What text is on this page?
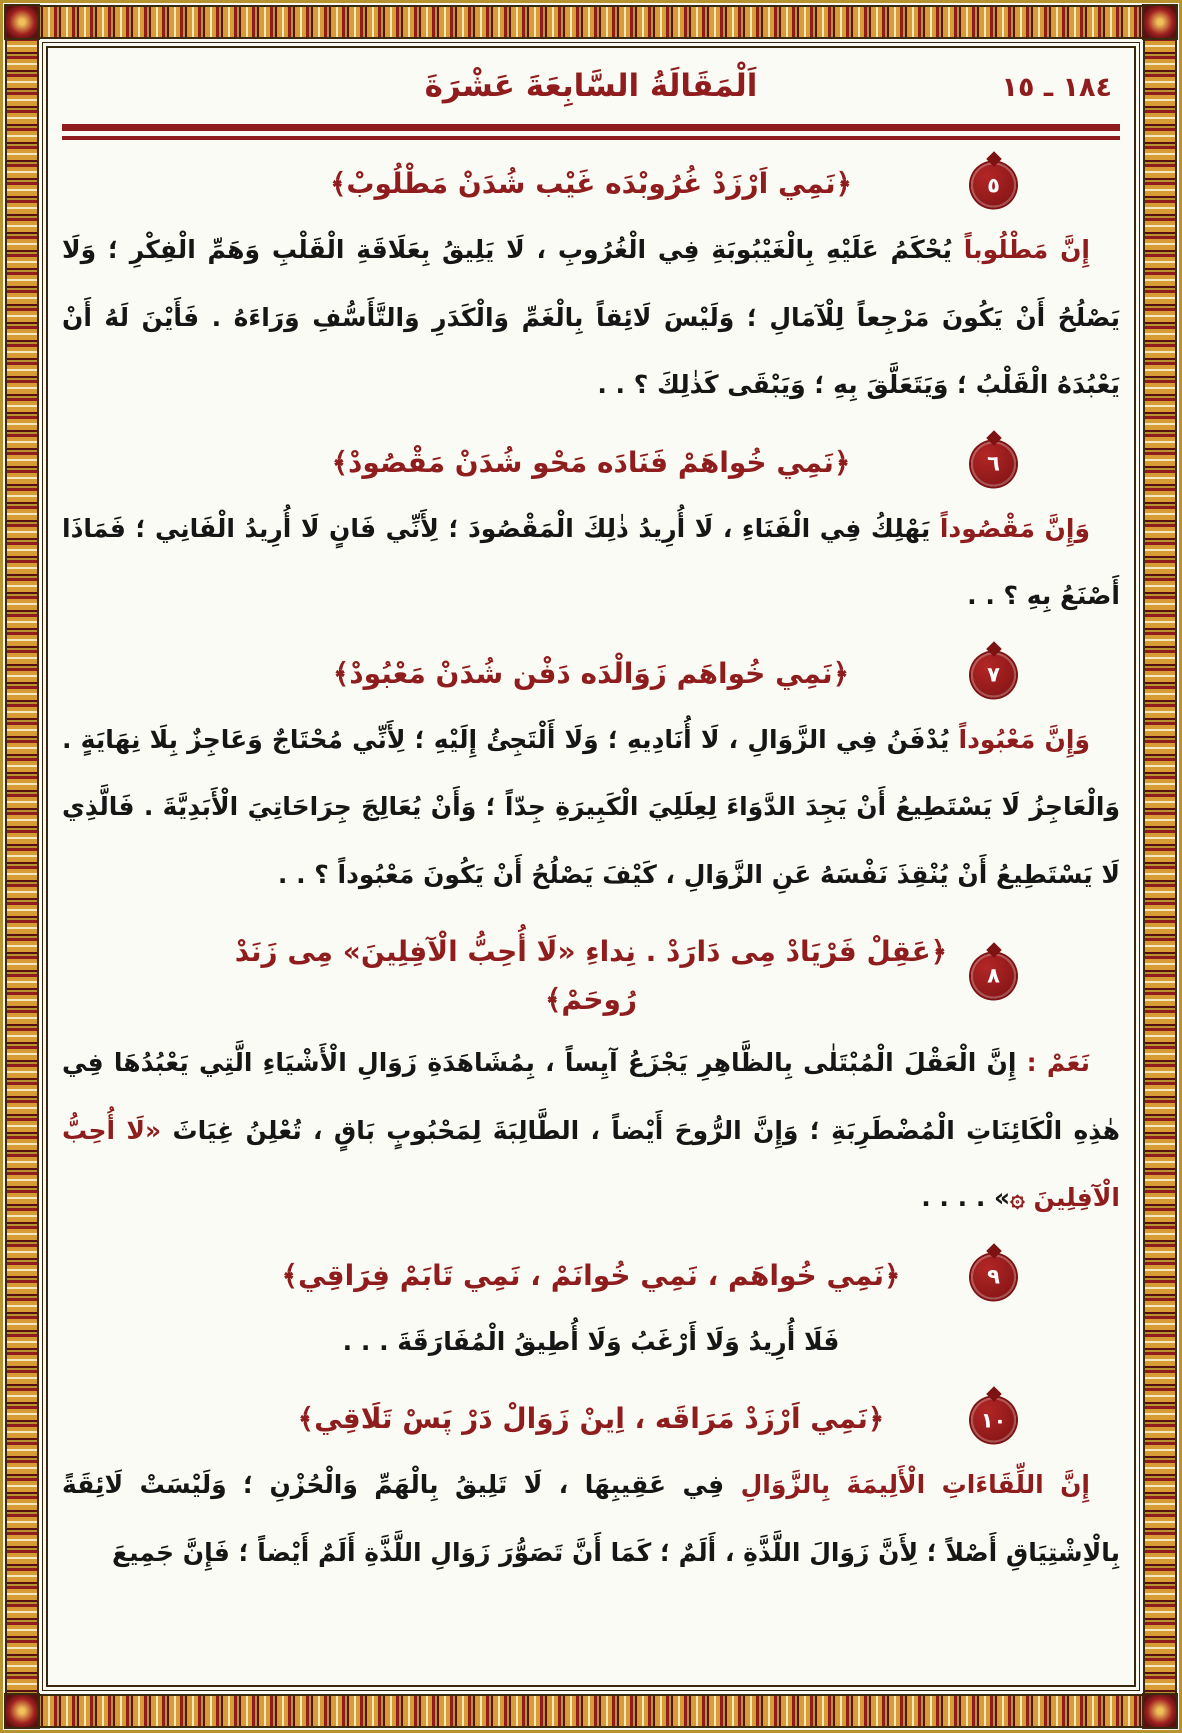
١٨٤ ـ ١٥
اَلْمَقَالَةُ السَّابِعَةَ عَشْرَةَ
٥
﴿نَمِي اَرْزَدْ غُرُوبْدَه غَيْب شُدَنْ مَطْلُوبْ﴾

إِنَّ مَطْلُوباً يُحْكَمُ عَلَيْهِ بِالْغَيْبُوبَةِ فِي الْغُرُوبِ ، لَا يَلِيقُ بِعَلَاقَةِ الْقَلْبِ وَهَمِّ الْفِكْرِ ؛ وَلَا يَصْلُحُ أَنْ يَكُونَ مَرْجِعاً لِلْآمَالِ ؛ وَلَيْسَ لَائِقاً بِالْغَمِّ وَالْكَدَرِ وَالتَّأَسُّفِ وَرَاءَهُ . فَأَيْنَ لَهُ أَنْ يَعْبُدَهُ الْقَلْبُ ؛ وَيَتَعَلَّقَ بِهِ ؛ وَيَبْقَى كَذٰلِكَ ؟ . .

٦
﴿نَمِي خُواهَمْ فَنَادَه مَحْو شُدَنْ مَقْصُودْ﴾

وَإِنَّ مَقْصُوداً يَهْلِكُ فِي الْفَنَاءِ ، لَا أُرِيدُ ذٰلِكَ الْمَقْصُودَ ؛ لِأَنِّي فَانٍ لَا أُرِيدُ الْفَانِي ؛ فَمَاذَا أَصْنَعُ بِهِ ؟ . .

٧
﴿نَمِي خُواهَم زَوَالْدَه دَفْن شُدَنْ مَعْبُودْ﴾

وَإِنَّ مَعْبُوداً يُدْفَنُ فِي الزَّوَالِ ، لَا أُنَادِيهِ ؛ وَلَا أَلْتَجِئُ إِلَيْهِ ؛ لِأَنِّي مُحْتَاجٌ وَعَاجِزٌ بِلَا نِهَايَةٍ . وَالْعَاجِزُ لَا يَسْتَطِيعُ أَنْ يَجِدَ الدَّوَاءَ لِعِلَلِيَ الْكَبِيرَةِ جِدّاً ؛ وَأَنْ يُعَالِجَ جِرَاحَاتِيَ الْأَبَدِيَّةَ . فَالَّذِي لَا يَسْتَطِيعُ أَنْ يُنْقِذَ نَفْسَهُ عَنِ الزَّوَالِ ، كَيْفَ يَصْلُحُ أَنْ يَكُونَ مَعْبُوداً ؟ . .

٨
﴿عَقِلْ فَرْيَادْ مِى دَارَدْ . نِداءِ «لَا أُحِبُّ الْآفِلِينَ» مِى زَنَدْ رُوحَمْ﴾

نَعَمْ : إِنَّ الْعَقْلَ الْمُبْتَلٰى بِالظَّاهِرِ يَجْزَعُ آيِساً ، بِمُشَاهَدَةِ زَوَالِ الْأَشْيَاءِ الَّتِي يَعْبُدُهَا فِي هٰذِهِ الْكَائِنَاتِ الْمُضْطَرِبَةِ ؛ وَإِنَّ الرُّوحَ أَيْضاً ، الطَّالِبَةَ لِمَحْبُوبٍ بَاقٍ ، تُعْلِنُ غِيَاثَ «لَا أُحِبُّ الْآفِلِينَ ۞» . . . .

٩
﴿نَمِي خُواهَم ، نَمِي خُوانَمْ ، نَمِي تَابَمْ فِرَاقِي﴾

فَلَا أُرِيدُ وَلَا أَرْغَبُ وَلَا أُطِيقُ الْمُفَارَقَةَ . . .

١٠
﴿نَمِي اَرْزَدْ مَرَاقَه ، اِينْ زَوَالْ دَرْ پَسْ تَلَاقِي﴾

إِنَّ اللِّقَاءَاتِ الْأَلِيمَةَ بِالزَّوَالِ فِي عَقِيبِهَا ، لَا تَلِيقُ بِالْهَمِّ وَالْحُزْنِ ؛ وَلَيْسَتْ لَائِقَةً بِالْاِشْتِيَاقِ أَصْلاً ؛ لِأَنَّ زَوَالَ اللَّذَّةِ ، أَلَمٌ ؛ كَمَا أَنَّ تَصَوُّرَ زَوَالِ اللَّذَّةِ أَلَمٌ أَيْضاً ؛ فَإِنَّ جَمِيعَ
